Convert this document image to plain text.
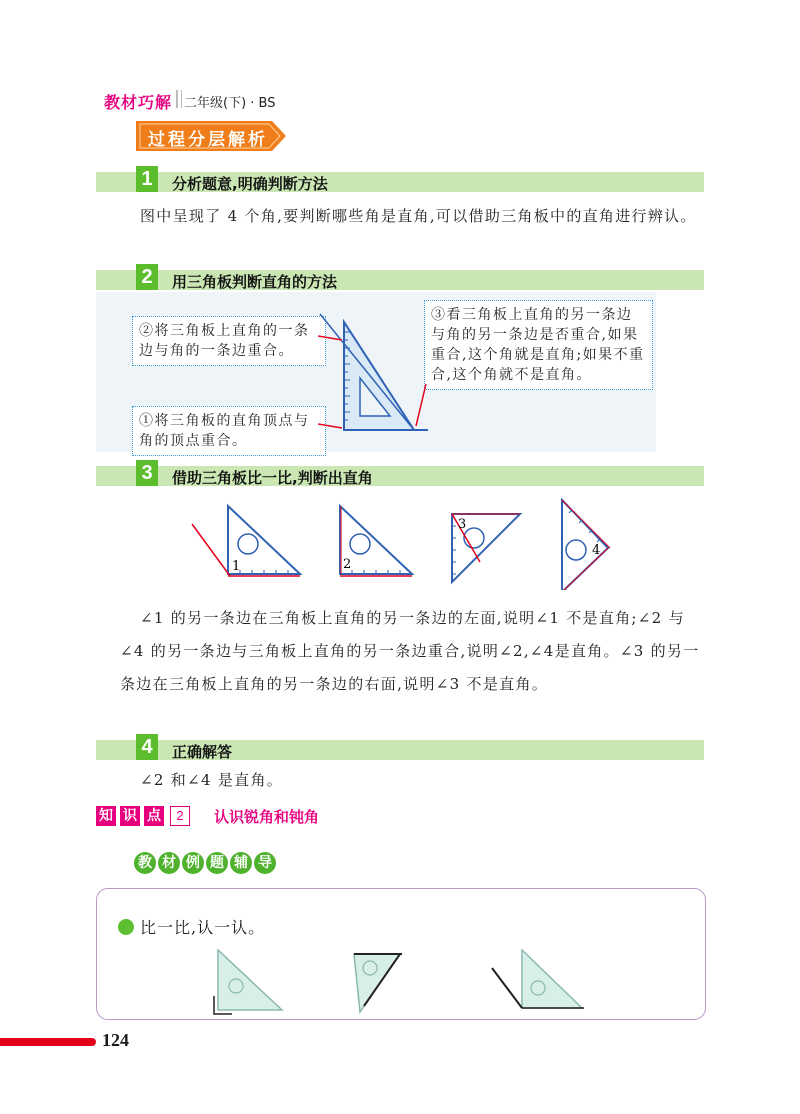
教材巧解 二年级(下) · BS
过程分层解析
1	分析题意,明确判断方法
图中呈现了 4 个角,要判断哪些角是直角,可以借助三角板中的直角进行辨认。
2	用三角板判断直角的方法
②将三角板上直角的一条边与角的一条边重合。
①将三角板的直角顶点与角的顶点重合。
③看三角板上直角的另一条边与角的另一条边是否重合,如果重合,这个角就是直角;如果不重合,这个角就不是直角。
3	借助三角板比一比,判断出直角
1	2
3
4
∠1 的另一条边在三角板上直角的另一条边的左面,说明∠1 不是直角;∠2 与∠4 的另一条边与三角板上直角的另一条边重合,说明∠2,∠4是直角。∠3 的另一条边在三角板上直角的另一条边的右面,说明∠3 不是直角。
4	正确解答
∠2 和∠4 是直角。
知 识 点	2	认识锐角和钝角
教 材 例 题 辅 导
比一比,认一认。
124
